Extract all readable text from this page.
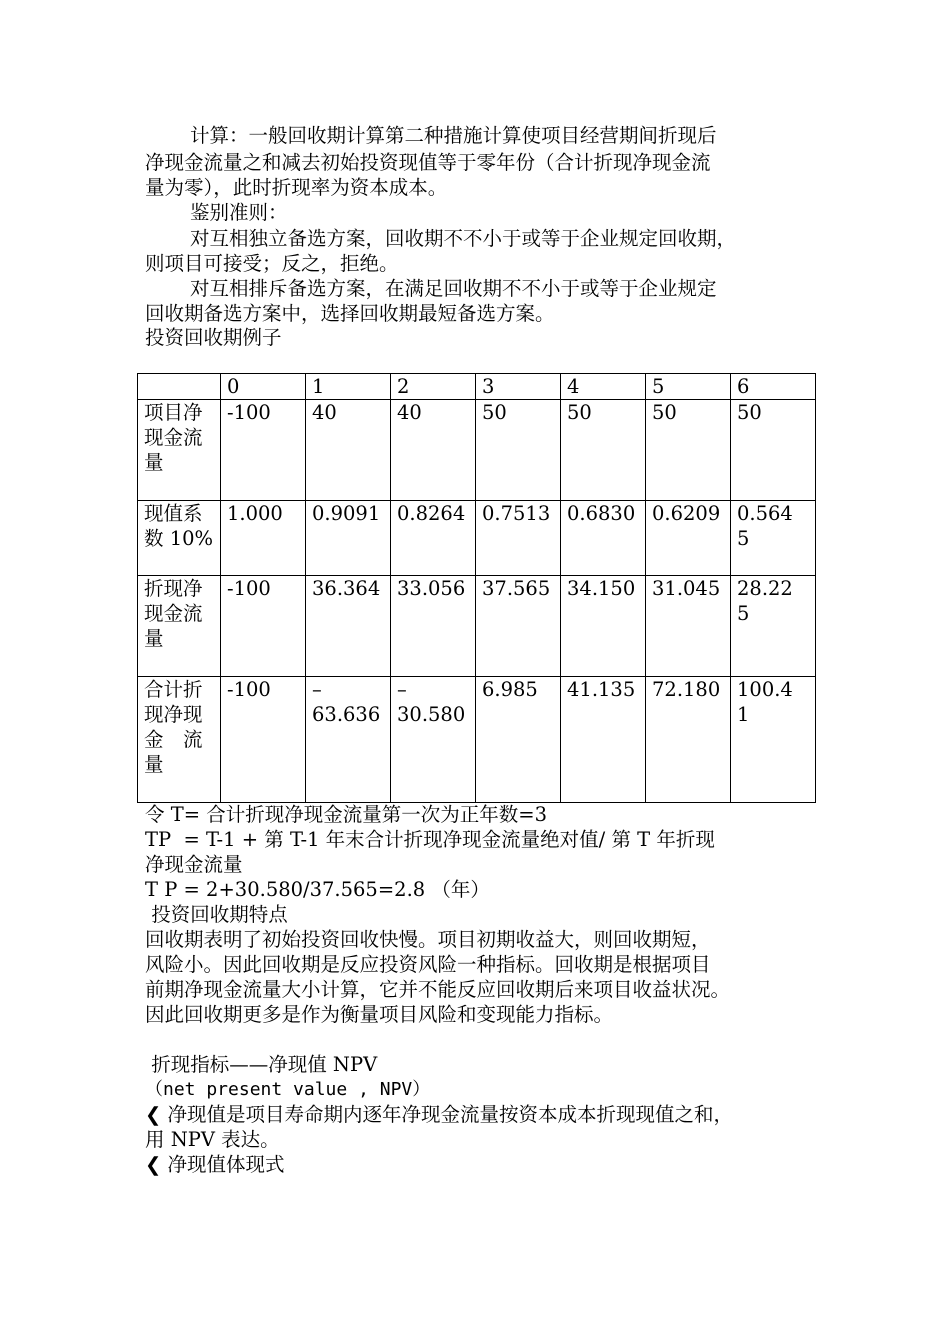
计算：一般回收期计算第二种措施计算使项目经营期间折现后
净现金流量之和减去初始投资现值等于零年份（合计折现净现金流
量为零），此时折现率为资本成本。
鉴别准则：
对互相独立备选方案，回收期不不小于或等于企业规定回收期，
则项目可接受；反之，拒绝。
对互相排斥备选方案，在满足回收期不不小于或等于企业规定
回收期备选方案中，选择回收期最短备选方案。
投资回收期例子
	0	1	2	3	4	5	6

项目净
现金流
量	-100	40	40	50	50	50	50

现值系
数 10%	1.000	0.9091	0.8264	0.7513	0.6830	0.6209	0.564
5

折现净
现金流
量	-100	36.364	33.056	37.565	34.150	31.045	28.22
5

合计折
现净现
金　流
量	-100	–
63.636	–
30.580	6.985	41.135	72.180	100.4
1
令 T= 合计折现净现金流量第一次为正年数=3
TP  = T-1 + 第 T-1 年末合计折现净现金流量绝对值/ 第 T 年折现
净现金流量
T P = 2+30.580/37.565=2.8 （年）
投资回收期特点
回收期表明了初始投资回收快慢。项目初期收益大，则回收期短，
风险小。因此回收期是反应投资风险一种指标。回收期是根据项目
前期净现金流量大小计算，它并不能反应回收期后来项目收益状况。
因此回收期更多是作为衡量项目风险和变现能力指标。
折现指标——净现值 NPV
（net present value , NPV）
❮ 净现值是项目寿命期内逐年净现金流量按资本成本折现现值之和，
用 NPV 表达。
❮ 净现值体现式
